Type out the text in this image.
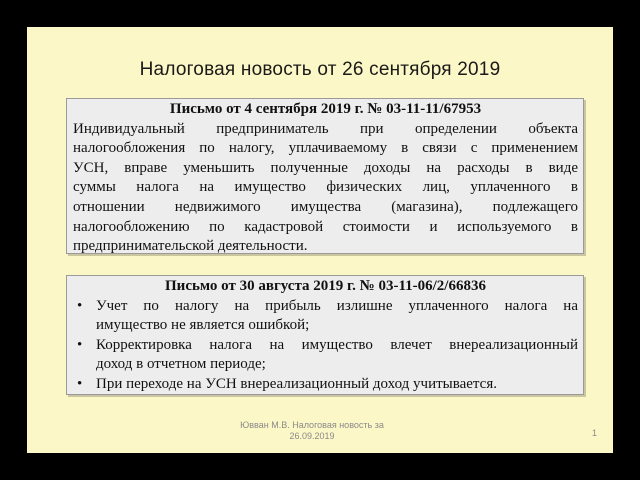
Налоговая новость от 26 сентября 2019
Письмо от 4 сентября 2019 г. № 03-11-11/67953
Индивидуальный предприниматель при определении объекта
налогообложения по налогу, уплачиваемому в связи с применением
УСН, вправе уменьшить полученные доходы на расходы в виде
суммы налога на имущество физических лиц, уплаченного в
отношении недвижимого имущества (магазина), подлежащего
налогообложению по кадастровой стоимости и используемого в
предпринимательской деятельности.
Письмо от 30 августа 2019 г. № 03-11-06/2/66836
• Учет по налогу на прибыль излишне уплаченного налога на
имущество не является ошибкой;
• Корректировка налога на имущество влечет внереализационный
доход в отчетном периоде;
• При переходе на УСН внереализационный доход учитывается.
Ювван М.В. Налоговая новость за
26.09.2019	1
